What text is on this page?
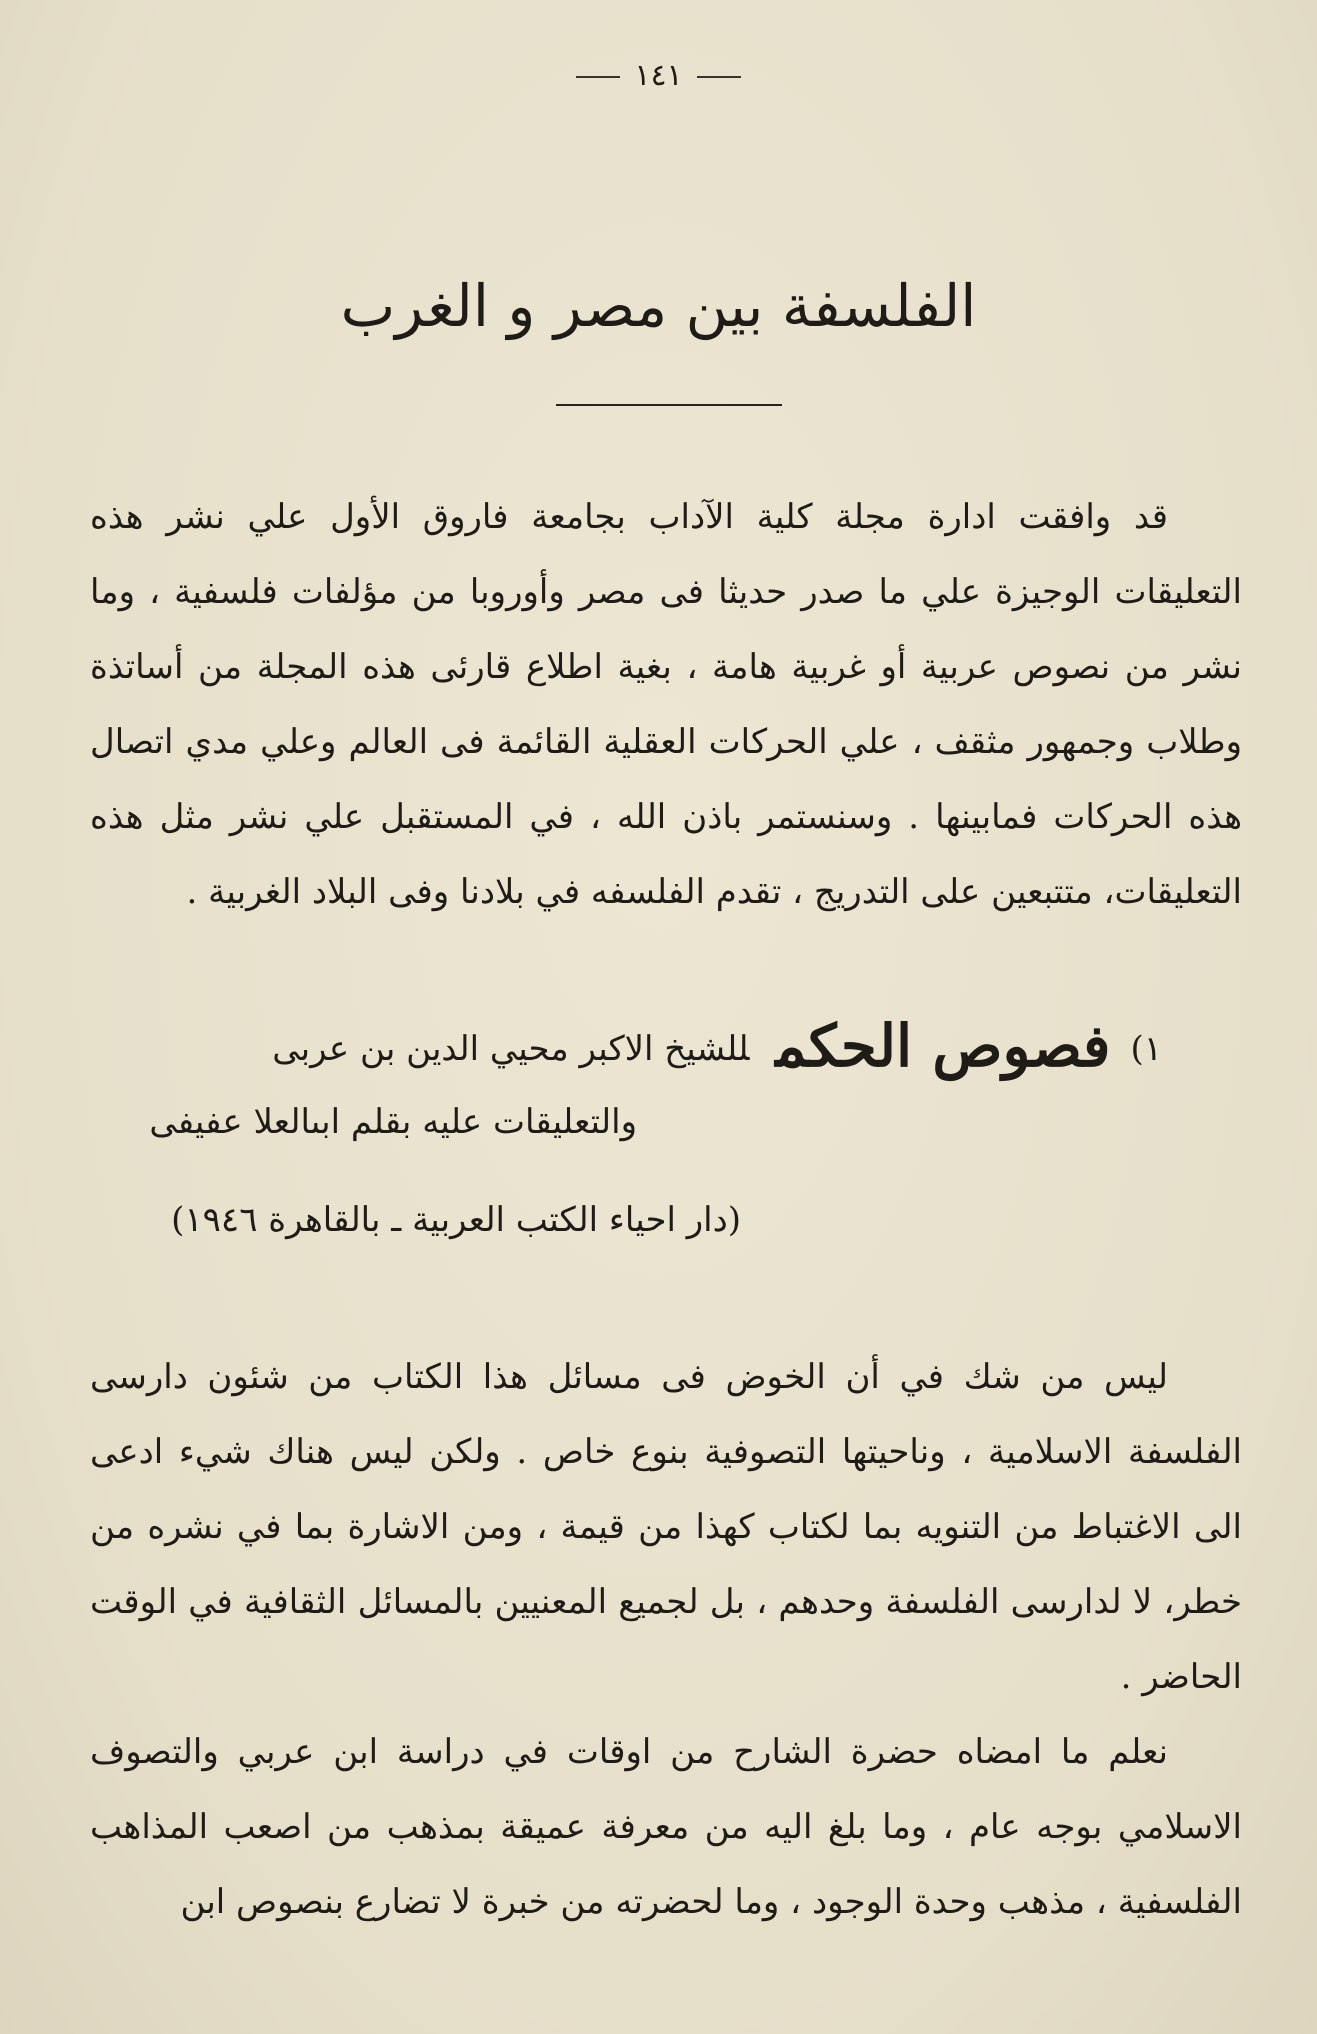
١٤١
الفلسفة بين مصر و الغرب
قد وافقت ادارة مجلة كلية الآداب بجامعة فاروق الأول علي نشر هذه التعليقات الوجيزة علي ما صدر حديثا فى مصر وأوروبا من مؤلفات فلسفية ، وما نشر من نصوص عربية أو غربية هامة ، بغية اطلاع قارئى هذه المجلة من أساتذة وطلاب وجمهور مثقف ، علي الحركات العقلية القائمة فى العالم وعلي مدي اتصال هذه الحركات فمابينها . وسنستمر باذن الله ، في المستقبل علي نشر مثل هذه التعليقات، متتبعين على التدريج ، تقدم الفلسفه في بلادنا وفى البلاد الغربية .
١)فصوص الحكمللشيخ الاكبر محيي الدين بن عربى
والتعليقات عليه بقلم ابىالعلا عفيفى
(دار احياء الكتب العربية ـ بالقاهرة ١٩٤٦)
ليس من شك في أن الخوض فى مسائل هذا الكتاب من شئون دارسى الفلسفة الاسلامية ، وناحيتها التصوفية بنوع خاص . ولكن ليس هناك شيء ادعى الى الاغتباط من التنويه بما لكتاب كهذا من قيمة ، ومن الاشارة بما في نشره من خطر، لا لدارسى الفلسفة وحدهم ، بل لجميع المعنيين بالمسائل الثقافية في الوقت الحاضر .
نعلم ما امضاه حضرة الشارح من اوقات في دراسة ابن عربي والتصوف الاسلامي بوجه عام ، وما بلغ اليه من معرفة عميقة بمذهب من اصعب المذاهب الفلسفية ، مذهب وحدة الوجود ، وما لحضرته من خبرة لا تضارع بنصوص ابن
